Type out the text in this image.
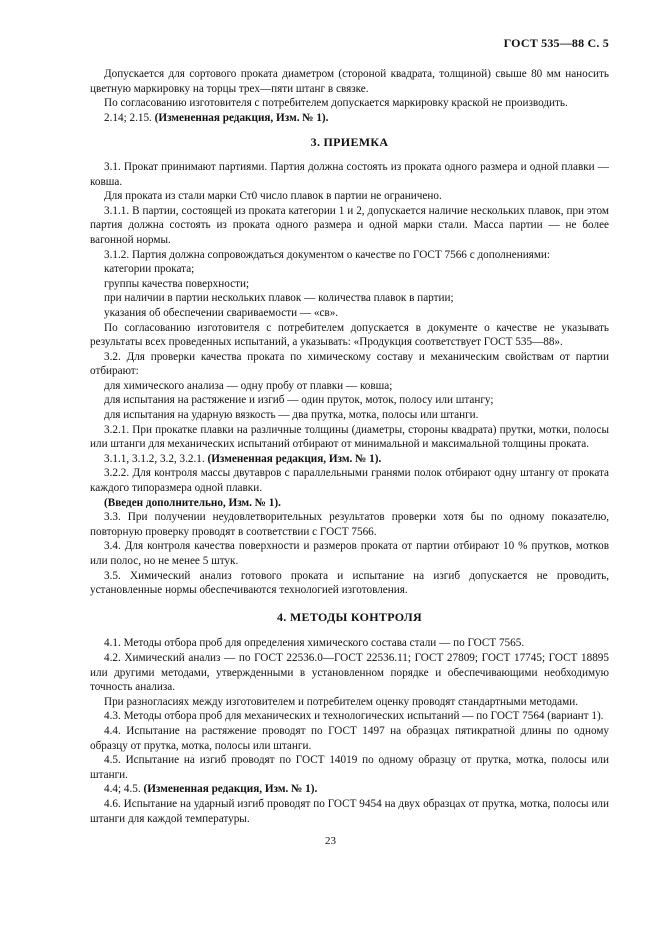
ГОСТ 535—88 С. 5

Допускается для сортового проката диаметром (стороной квадрата, толщиной) свыше 80 мм наносить цветную маркировку на торцы трех—пяти штанг в связке.

По согласованию изготовителя с потребителем допускается маркировку краской не производить.

2.14; 2.15. (Измененная редакция, Изм. № 1).

3. ПРИЕМКА

3.1. Прокат принимают партиями. Партия должна состоять из проката одного размера и одной плавки — ковша.

Для проката из стали марки Ст0 число плавок в партии не ограничено.

3.1.1. В партии, состоящей из проката категории 1 и 2, допускается наличие нескольких плавок, при этом партия должна состоять из проката одного размера и одной марки стали. Масса партии — не более вагонной нормы.

3.1.2. Партия должна сопровождаться документом о качестве по ГОСТ 7566 с дополнениями:

категории проката;

группы качества поверхности;

при наличии в партии нескольких плавок — количества плавок в партии;

указания об обеспечении свариваемости — «св».

По согласованию изготовителя с потребителем допускается в документе о качестве не указывать результаты всех проведенных испытаний, а указывать: «Продукция соответствует ГОСТ 535—88».

3.2. Для проверки качества проката по химическому составу и механическим свойствам от партии отбирают:

для химического анализа — одну пробу от плавки — ковша;

для испытания на растяжение и изгиб — один пруток, моток, полосу или штангу;

для испытания на ударную вязкость — два прутка, мотка, полосы или штанги.

3.2.1. При прокатке плавки на различные толщины (диаметры, стороны квадрата) прутки, мотки, полосы или штанги для механических испытаний отбирают от минимальной и максимальной толщины проката.

3.1.1, 3.1.2, 3.2, 3.2.1. (Измененная редакция, Изм. № 1).

3.2.2. Для контроля массы двутавров с параллельными гранями полок отбирают одну штангу от проката каждого типоразмера одной плавки.

(Введен дополнительно, Изм. № 1).

3.3. При получении неудовлетворительных результатов проверки хотя бы по одному показателю, повторную проверку проводят в соответствии с ГОСТ 7566.

3.4. Для контроля качества поверхности и размеров проката от партии отбирают 10 % прутков, мотков или полос, но не менее 5 штук.

3.5. Химический анализ готового проката и испытание на изгиб допускается не проводить, установленные нормы обеспечиваются технологией изготовления.

4. МЕТОДЫ КОНТРОЛЯ

4.1. Методы отбора проб для определения химического состава стали — по ГОСТ 7565.

4.2. Химический анализ — по ГОСТ 22536.0—ГОСТ 22536.11; ГОСТ 27809; ГОСТ 17745; ГОСТ 18895 или другими методами, утвержденными в установленном порядке и обеспечивающими необходимую точность анализа.

При разногласиях между изготовителем и потребителем оценку проводят стандартными методами.

4.3. Методы отбора проб для механических и технологических испытаний — по ГОСТ 7564 (вариант 1).

4.4. Испытание на растяжение проводят по ГОСТ 1497 на образцах пятикратной длины по одному образцу от прутка, мотка, полосы или штанги.

4.5. Испытание на изгиб проводят по ГОСТ 14019 по одному образцу от прутка, мотка, полосы или штанги.

4.4; 4.5. (Измененная редакция, Изм. № 1).

4.6. Испытание на ударный изгиб проводят по ГОСТ 9454 на двух образцах от прутка, мотка, полосы или штанги для каждой температуры.

23
